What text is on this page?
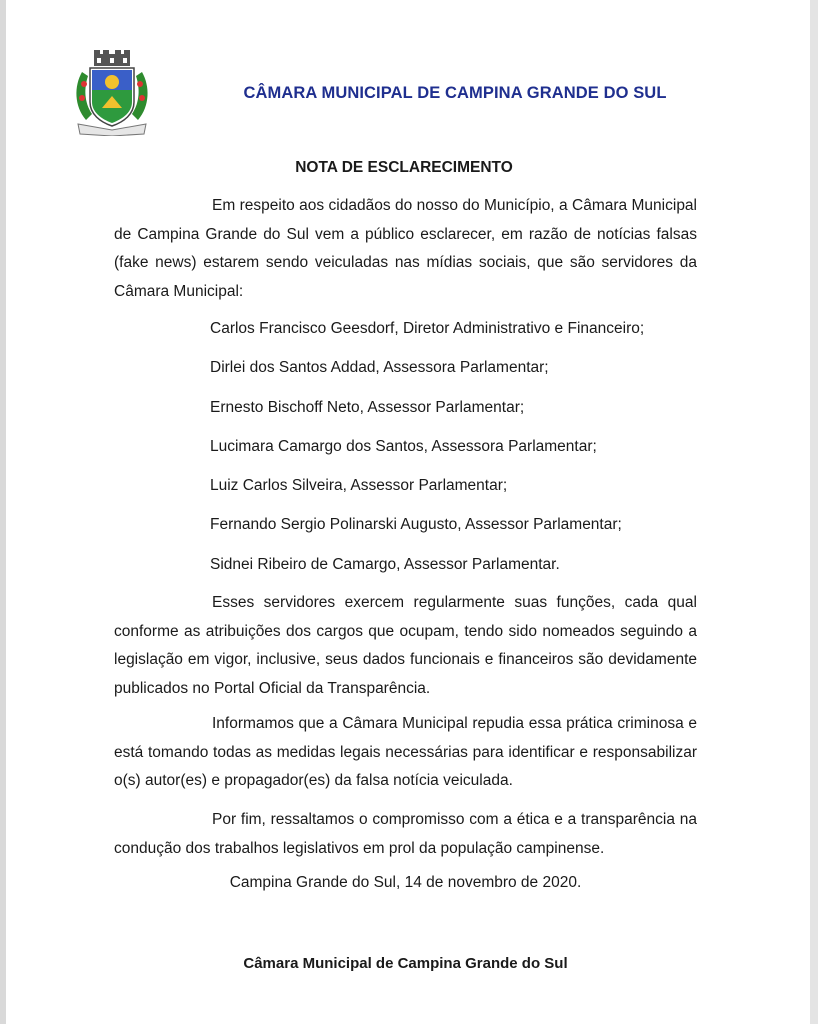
CÂMARA MUNICIPAL DE CAMPINA GRANDE DO SUL
NOTA DE ESCLARECIMENTO

Em respeito aos cidadãos do nosso do Município, a Câmara Municipal de Campina Grande do Sul vem a público esclarecer, em razão de notícias falsas (fake news) estarem sendo veiculadas nas mídias sociais, que são servidores da Câmara Municipal:

Carlos Francisco Geesdorf, Diretor Administrativo e Financeiro;
Dirlei dos Santos Addad, Assessora Parlamentar;
Ernesto Bischoff Neto, Assessor Parlamentar;
Lucimara Camargo dos Santos, Assessora Parlamentar;
Luiz Carlos Silveira, Assessor Parlamentar;
Fernando Sergio Polinarski Augusto, Assessor Parlamentar;
Sidnei Ribeiro de Camargo, Assessor Parlamentar.

Esses servidores exercem regularmente suas funções, cada qual conforme as atribuições dos cargos que ocupam, tendo sido nomeados seguindo a legislação em vigor, inclusive, seus dados funcionais e financeiros são devidamente publicados no Portal Oficial da Transparência.

Informamos que a Câmara Municipal repudia essa prática criminosa e está tomando todas as medidas legais necessárias para identificar e responsabilizar o(s) autor(es) e propagador(es) da falsa notícia veiculada.

Por fim, ressaltamos o compromisso com a ética e a transparência na condução dos trabalhos legislativos em prol da população campinense.

Campina Grande do Sul, 14 de novembro de 2020.
Câmara Municipal de Campina Grande do Sul
